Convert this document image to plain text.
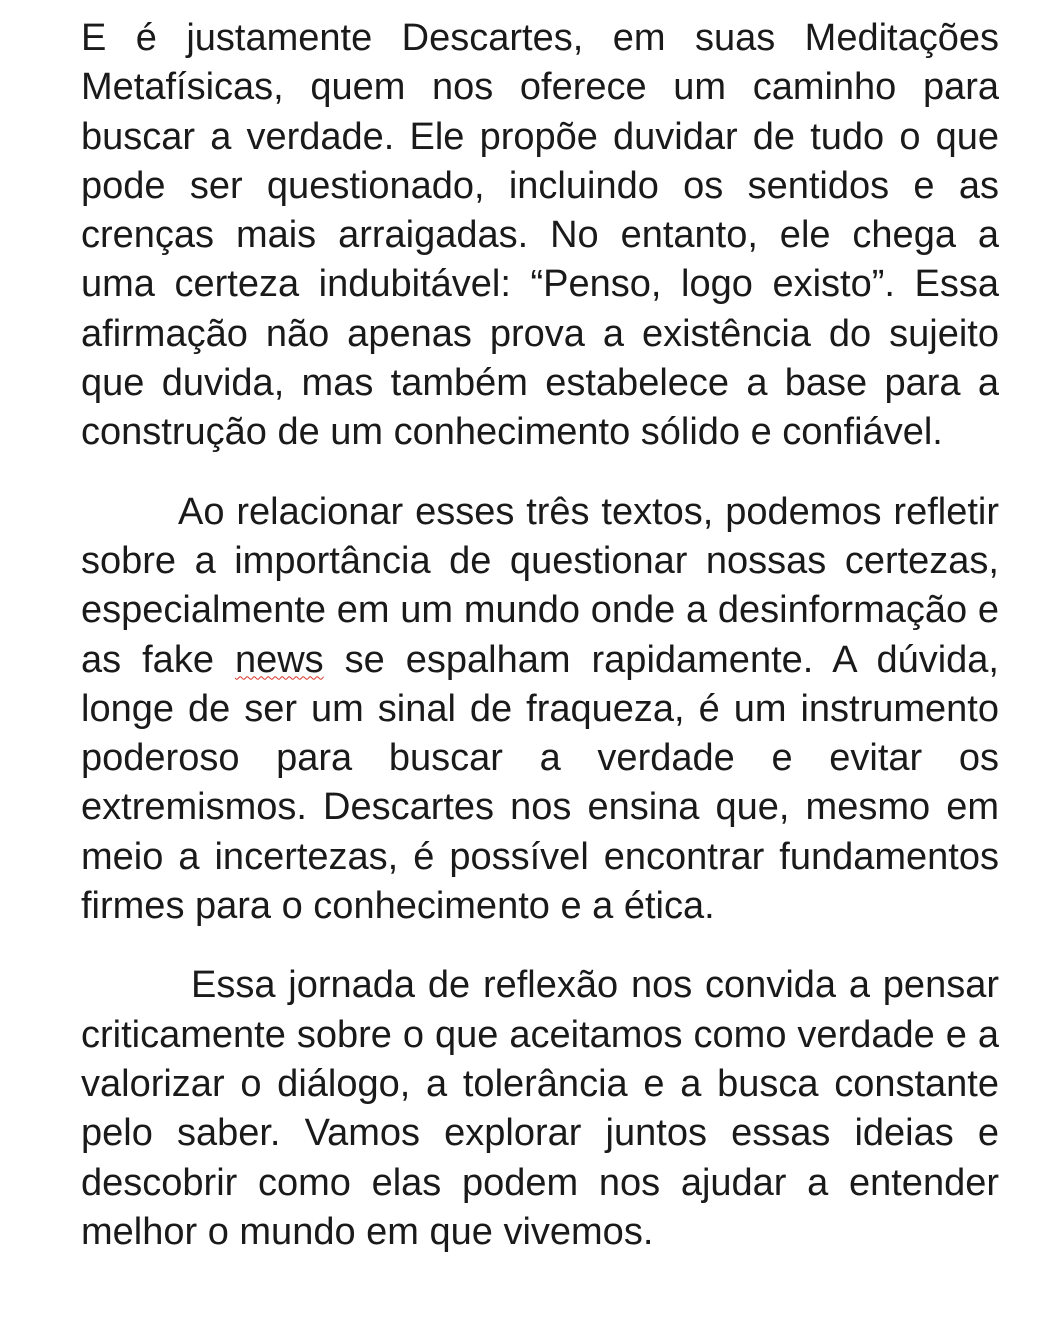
E é justamente Descartes, em suas Meditações Metafísicas, quem nos oferece um caminho para buscar a verdade. Ele propõe duvidar de tudo o que pode ser questionado, incluindo os sentidos e as crenças mais arraigadas. No entanto, ele chega a uma certeza indubitável: “Penso, logo existo”. Essa afirmação não apenas prova a existência do sujeito que duvida, mas também estabelece a base para a construção de um conhecimento sólido e confiável.

Ao relacionar esses três textos, podemos refletir sobre a importância de questionar nossas certezas, especialmente em um mundo onde a desinformação e as fake news se espalham rapidamente. A dúvida, longe de ser um sinal de fraqueza, é um instrumento poderoso para buscar a verdade e evitar os extremismos. Descartes nos ensina que, mesmo em meio a incertezas, é possível encontrar fundamentos firmes para o conhecimento e a ética.

Essa jornada de reflexão nos convida a pensar criticamente sobre o que aceitamos como verdade e a valorizar o diálogo, a tolerância e a busca constante pelo saber. Vamos explorar juntos essas ideias e descobrir como elas podem nos ajudar a entender melhor o mundo em que vivemos.
